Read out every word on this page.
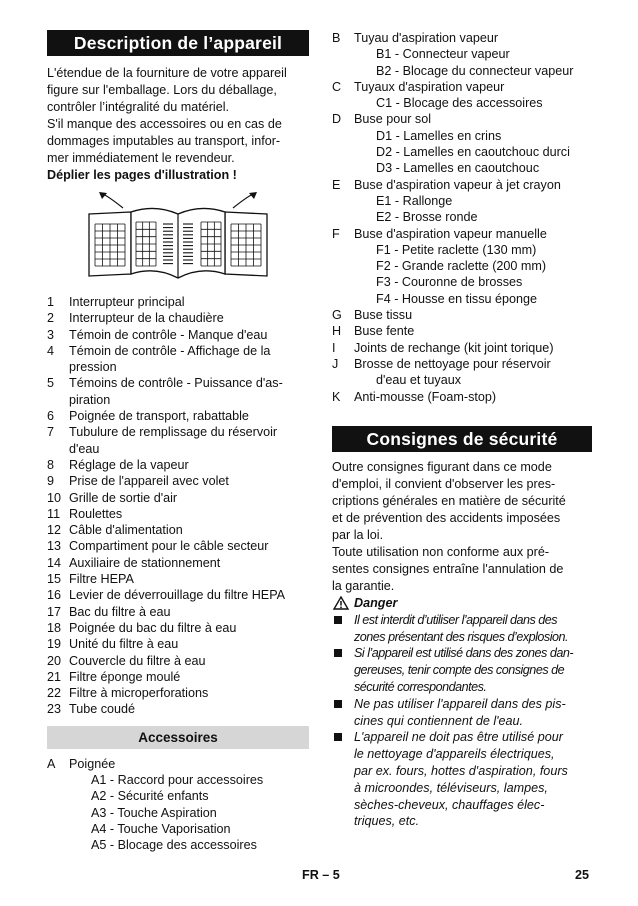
Description de l’appareil
L'étendue de la fourniture de votre appareil
figure sur l'emballage. Lors du déballage,
contrôler l’intégralité du matériel.
S'il manque des accessoires ou en cas de
dommages imputables au transport, infor-
mer immédiatement le revendeur.
Déplier les pages d'illustration !
1	Interrupteur principal
2	Interrupteur de la chaudière
3	Témoin de contrôle - Manque d'eau
4	Témoin de contrôle - Affichage de la
pression
5	Témoins de contrôle - Puissance d'as-
piration
6	Poignée de transport, rabattable
7	Tubulure de remplissage du réservoir
d'eau
8	Réglage de la vapeur
9	Prise de l'appareil avec volet
10 Grille de sortie d'air
11 Roulettes
12 Câble d'alimentation
13 Compartiment pour le câble secteur
14 Auxiliaire de stationnement
15 Filtre HEPA
16 Levier de déverrouillage du filtre HEPA
17 Bac du filtre à eau
18 Poignée du bac du filtre à eau
19 Unité du filtre à eau
20 Couvercle du filtre à eau
21 Filtre éponge moulé
22 Filtre à microperforations
23 Tube coudé
Accessoires
A	Poignée
A1 - Raccord pour accessoires
A2 - Sécurité enfants
A3 - Touche Aspiration
A4 - Touche Vaporisation
A5 - Blocage des accessoires
B	Tuyau d'aspiration vapeur
B1 - Connecteur vapeur
B2 - Blocage du connecteur vapeur
C	Tuyaux d'aspiration vapeur
C1 - Blocage des accessoires
D	Buse pour sol
D1 - Lamelles en crins
D2 - Lamelles en caoutchouc durci
D3 - Lamelles en caoutchouc
E	Buse d'aspiration vapeur à jet crayon
E1 - Rallonge
E2 - Brosse ronde
F	Buse d'aspiration vapeur manuelle
F1 - Petite raclette (130 mm)
F2 - Grande raclette (200 mm)
F3 - Couronne de brosses
F4 - Housse en tissu éponge
G Buse tissu
H	Buse fente
I	Joints de rechange (kit joint torique)
J	Brosse de nettoyage pour réservoir
d'eau et tuyaux
K	Anti-mousse (Foam-stop)
Consignes de sécurité
Outre consignes figurant dans ce mode
d'emploi, il convient d'observer les pres-
criptions générales en matière de sécurité
et de prévention des accidents imposées
par la loi.
Toute utilisation non conforme aux pré-
sentes consignes entraîne l'annulation de
la garantie.
Danger
Il est interdit d’utiliser l’appareil dans des
zones présentant des risques d’explosion.
Si l’appareil est utilisé dans des zones dan-
gereuses, tenir compte des consignes de
sécurité correspondantes.
Ne pas utiliser l'appareil dans des pis-
cines qui contiennent de l'eau.
L'appareil ne doit pas être utilisé pour
le nettoyage d'appareils électriques,
par ex. fours, hottes d'aspiration, fours
à microondes, téléviseurs, lampes,
sèches-cheveux, chauffages élec-
triques, etc.
FR – 5	25
